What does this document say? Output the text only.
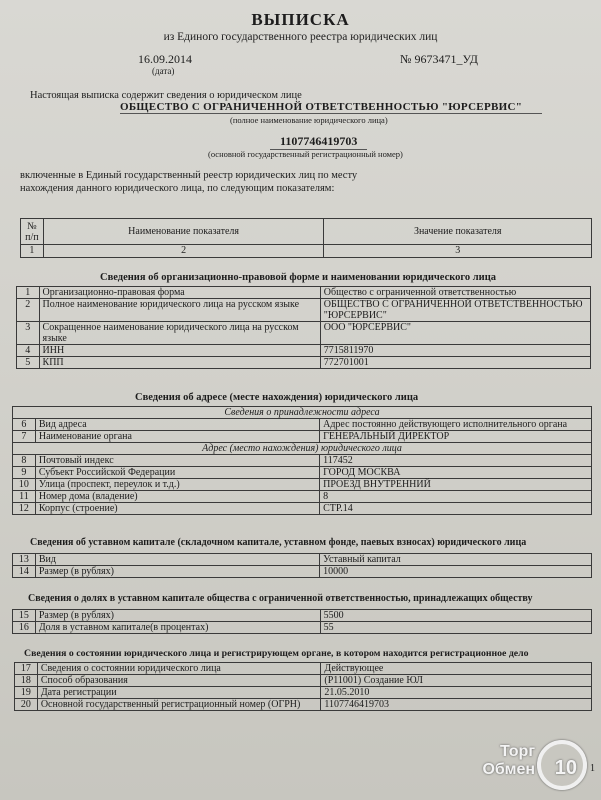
ВЫПИСКА
из Единого государственного реестра юридических лиц
16.09.2014
(дата)
№ 9673471_УД
Настоящая выписка содержит сведения о юридическом лице
ОБЩЕСТВО С ОГРАНИЧЕННОЙ ОТВЕТСТВЕННОСТЬЮ "ЮРСЕРВИС"
(полное наименование юридического лица)
1107746419703
(основной государственный регистрационный номер)
включенные в Единый государственный реестр юридических лиц по месту
нахождения данного юридического лица, по следующим показателям:
№ п/п	Наименование показателя	Значение показателя
1	2	3
Сведения об организационно-правовой форме и наименовании юридического лица
1	Организационно-правовая форма	Общество с ограниченной ответственностью
2	Полное наименование юридического лица на русском языке	ОБЩЕСТВО С ОГРАНИЧЕННОЙ ОТВЕТСТВЕННОСТЬЮ "ЮРСЕРВИС"
3	Сокращенное наименование юридического лица на русском языке	ООО "ЮРСЕРВИС"
4	ИНН	7715811970
5	КПП	772701001
Сведения об адресе (месте нахождения) юридического лица
Сведения о принадлежности адреса		
6	Вид адреса	Адрес постоянно действующего исполнительного органа
7	Наименование органа	ГЕНЕРАЛЬНЫЙ ДИРЕКТОР
Адрес (место нахождения) юридического лица		
8	Почтовый индекс	117452
9	Субъект Российской Федерации	ГОРОД МОСКВА
10	Улица (проспект, переулок и т.д.)	ПРОЕЗД ВНУТРЕННИЙ
11	Номер дома (владение)	8
12	Корпус (строение)	СТР.14
Сведения об уставном капитале (складочном капитале, уставном фонде, паевых взносах) юридического лица
13	Вид	Уставный капитал
14	Размер (в рублях)	10000
Сведения о долях в уставном капитале общества с ограниченной ответственностью, принадлежащих обществу
15	Размер (в рублях)	5500
16	Доля в уставном капитале(в процентах)	55
Сведения о состоянии юридического лица и регистрирующем органе, в котором находится регистрационное дело
17	Сведения о состоянии юридического лица	Действующее
18	Способ образования	(Р11001) Создание ЮЛ
19	Дата регистрации	21.05.2010
20	Основной государственный регистрационный номер (ОГРН)	1107746419703
1
Торг
Обмен 10
